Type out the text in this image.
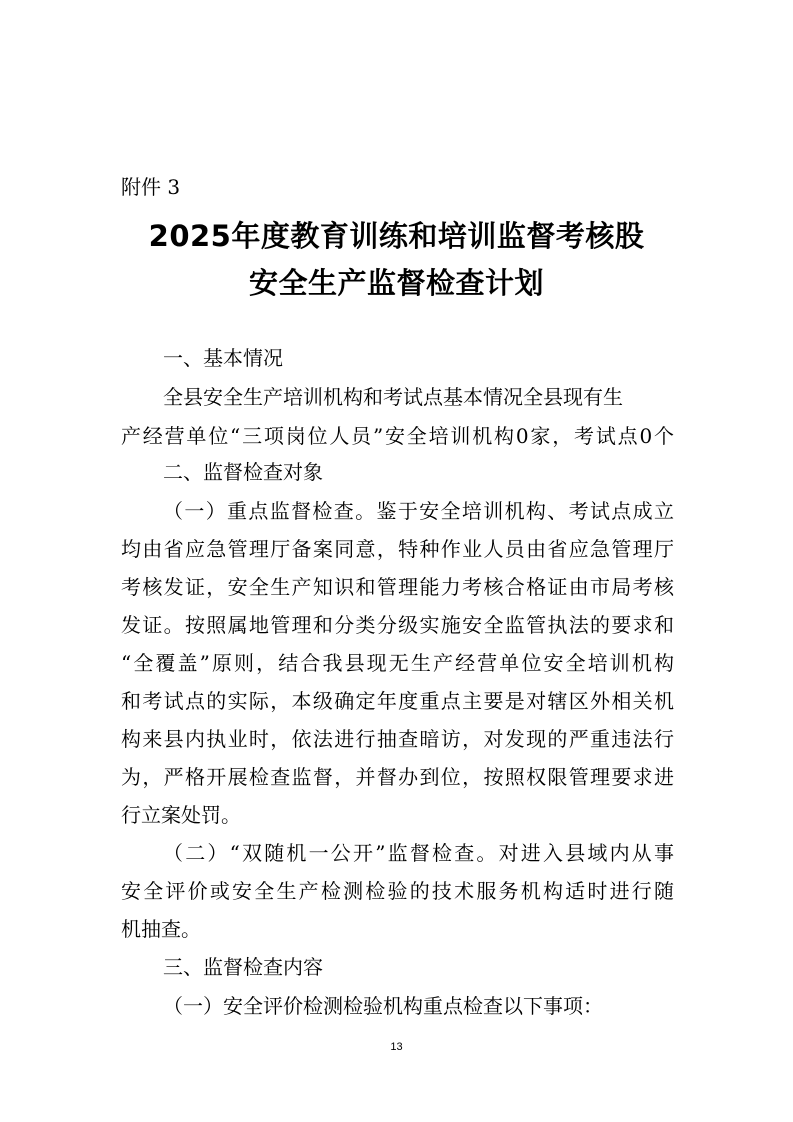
附件 3
2025年度教育训练和培训监督考核股
安全生产监督检查计划
一、基本情况
全县安全生产培训机构和考试点基本情况全县现有生
产经营单位“三项岗位人员”安全培训机构0家，考试点0个
二、监督检查对象
（一）重点监督检查。鉴于安全培训机构、考试点成立
均由省应急管理厅备案同意，特种作业人员由省应急管理厅
考核发证，安全生产知识和管理能力考核合格证由市局考核
发证。按照属地管理和分类分级实施安全监管执法的要求和
“全覆盖”原则，结合我县现无生产经营单位安全培训机构
和考试点的实际，本级确定年度重点主要是对辖区外相关机
构来县内执业时，依法进行抽查暗访，对发现的严重违法行
为，严格开展检查监督，并督办到位，按照权限管理要求进
行立案处罚。
（二）“双随机一公开”监督检查。对进入县域内从事
安全评价或安全生产检测检验的技术服务机构适时进行随
机抽查。
三、监督检查内容
（一）安全评价检测检验机构重点检查以下事项：
13
